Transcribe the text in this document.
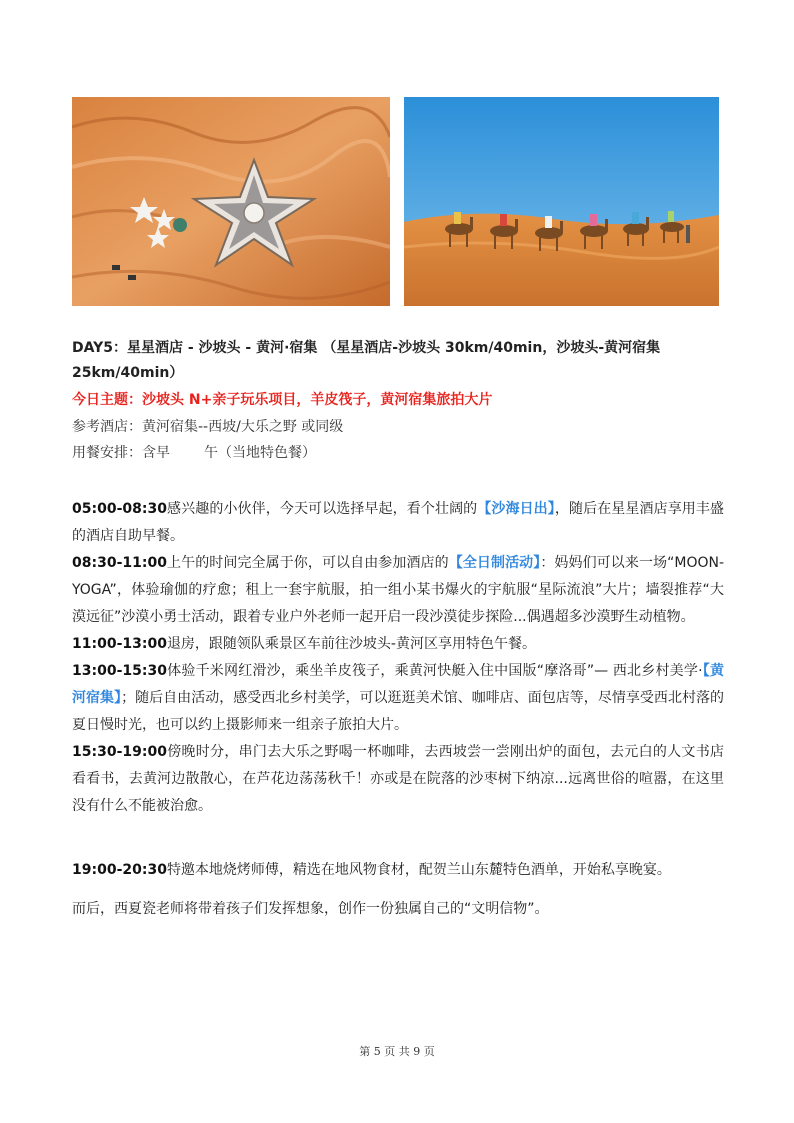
DAY5：星星酒店 - 沙坡头 - 黄河·宿集 （星星酒店-沙坡头 30km/40min，沙坡头-黄河宿集 25km/40min）
今日主题：沙坡头 N+亲子玩乐项目，羊皮筏子，黄河宿集旅拍大片
参考酒店：黄河宿集--西坡/大乐之野 或同级
用餐安排：含早 午（当地特色餐）

05:00-08:30感兴趣的小伙伴，今天可以选择早起，看个壮阔的【沙海日出】，随后在星星酒店享用丰盛的酒店自助早餐。

08:30-11:00上午的时间完全属于你，可以自由参加酒店的【全日制活动】：妈妈们可以来一场“MOON-YOGA”，体验瑜伽的疗愈；租上一套宇航服，拍一组小某书爆火的宇航服“星际流浪”大片；墙裂推荐“大漠远征”沙漠小勇士活动，跟着专业户外老师一起开启一段沙漠徒步探险...偶遇超多沙漠野生动植物。

11:00-13:00退房，跟随领队乘景区车前往沙坡头-黄河区享用特色午餐。

13:00-15:30体验千米网红滑沙，乘坐羊皮筏子，乘黄河快艇入住中国版“摩洛哥”— 西北乡村美学·【黄河宿集】；随后自由活动，感受西北乡村美学，可以逛逛美术馆、咖啡店、面包店等，尽情享受西北村落的夏日慢时光，也可以约上摄影师来一组亲子旅拍大片。

15:30-19:00傍晚时分，串门去大乐之野喝一杯咖啡，去西坡尝一尝刚出炉的面包，去元白的人文书店看看书，去黄河边散散心，在芦花边荡荡秋千！亦或是在院落的沙枣树下纳凉...远离世俗的喧嚣，在这里没有什么不能被治愈。

19:00-20:30特邀本地烧烤师傅，精选在地风物食材，配贺兰山东麓特色酒单，开始私享晚宴。
而后，西夏瓷老师将带着孩子们发挥想象，创作一份独属自己的“文明信物”。
第 5 页 共 9 页
